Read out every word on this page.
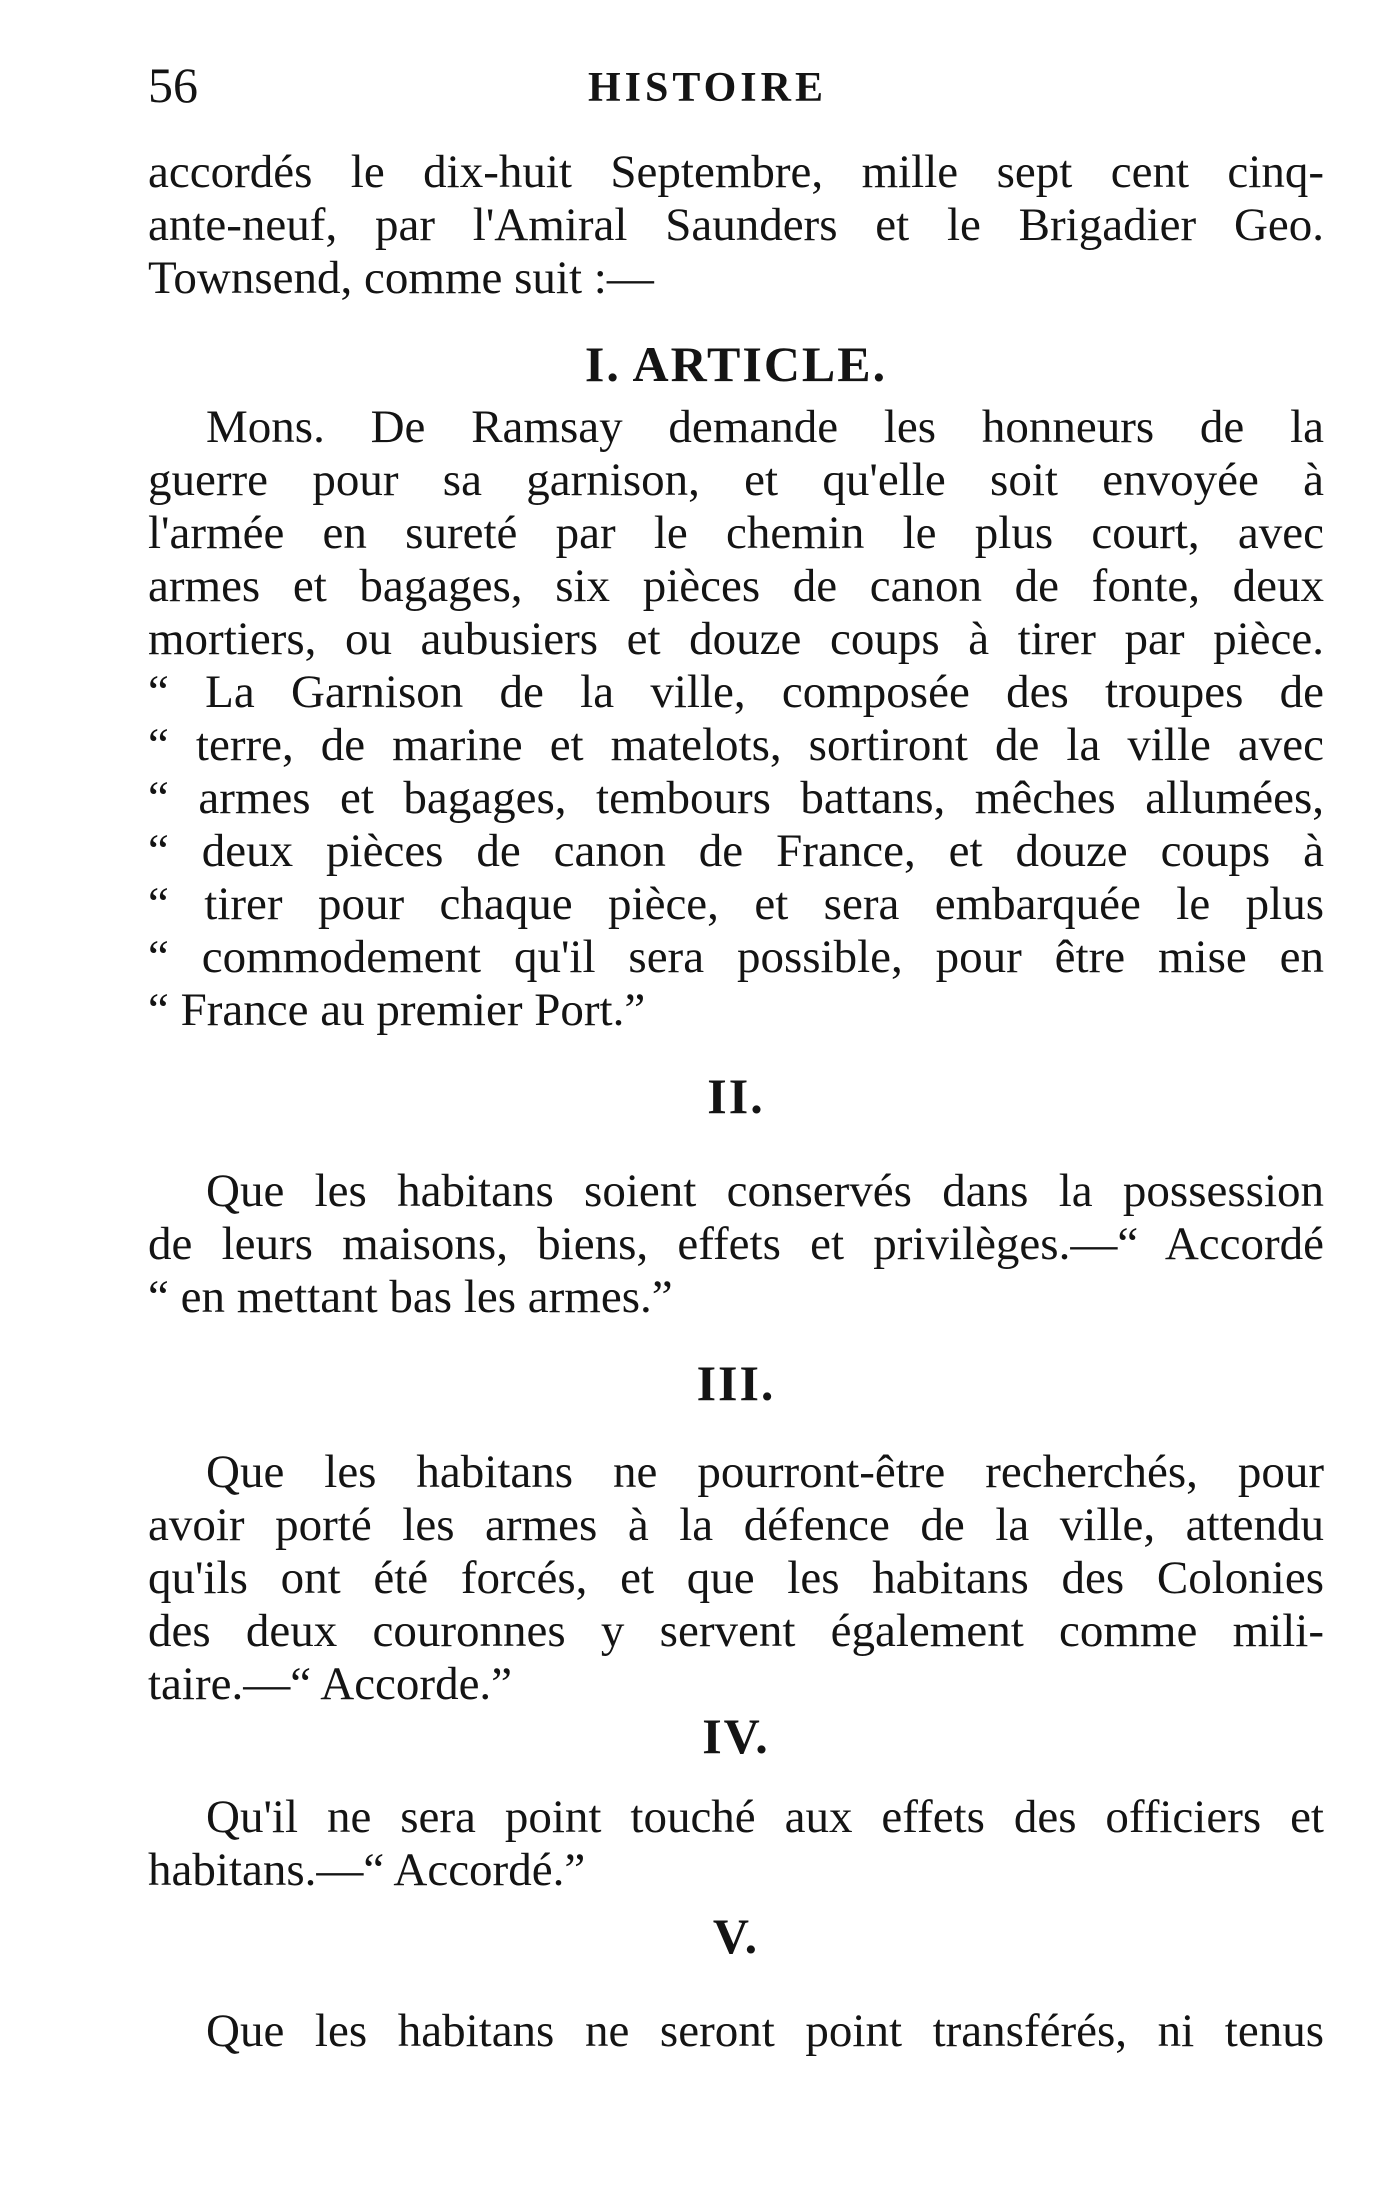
56	HISTOIRE

accordés le dix-huit Septembre, mille sept cent cinq-
ante-neuf, par l'Amiral Saunders et le Brigadier Geo.
Townsend, comme suit :—

I. ARTICLE.

Mons. De Ramsay demande les honneurs de la
guerre pour sa garnison, et qu'elle soit envoyée à
l'armée en sureté par le chemin le plus court, avec
armes et bagages, six pièces de canon de fonte, deux
mortiers, ou aubusiers et douze coups à tirer par pièce.
“ La Garnison de la ville, composée des troupes de
“ terre, de marine et matelots, sortiront de la ville avec
“ armes et bagages, tembours battans, mêches allumées,
“ deux pièces de canon de France, et douze coups à
“ tirer pour chaque pièce, et sera embarquée le plus
“ commodement qu'il sera possible, pour être mise en
“ France au premier Port.”

II.

Que les habitans soient conservés dans la possession
de leurs maisons, biens, effets et privilèges.—“ Accordé
“ en mettant bas les armes.”

III.

Que les habitans ne pourront-être recherchés, pour
avoir porté les armes à la défence de la ville, attendu
qu'ils ont été forcés, et que les habitans des Colonies
des deux couronnes y servent également comme mili-
taire.—“ Accorde.”

IV.

Qu'il ne sera point touché aux effets des officiers et
habitans.—“ Accordé.”

V.

Que les habitans ne seront point transférés, ni tenus
